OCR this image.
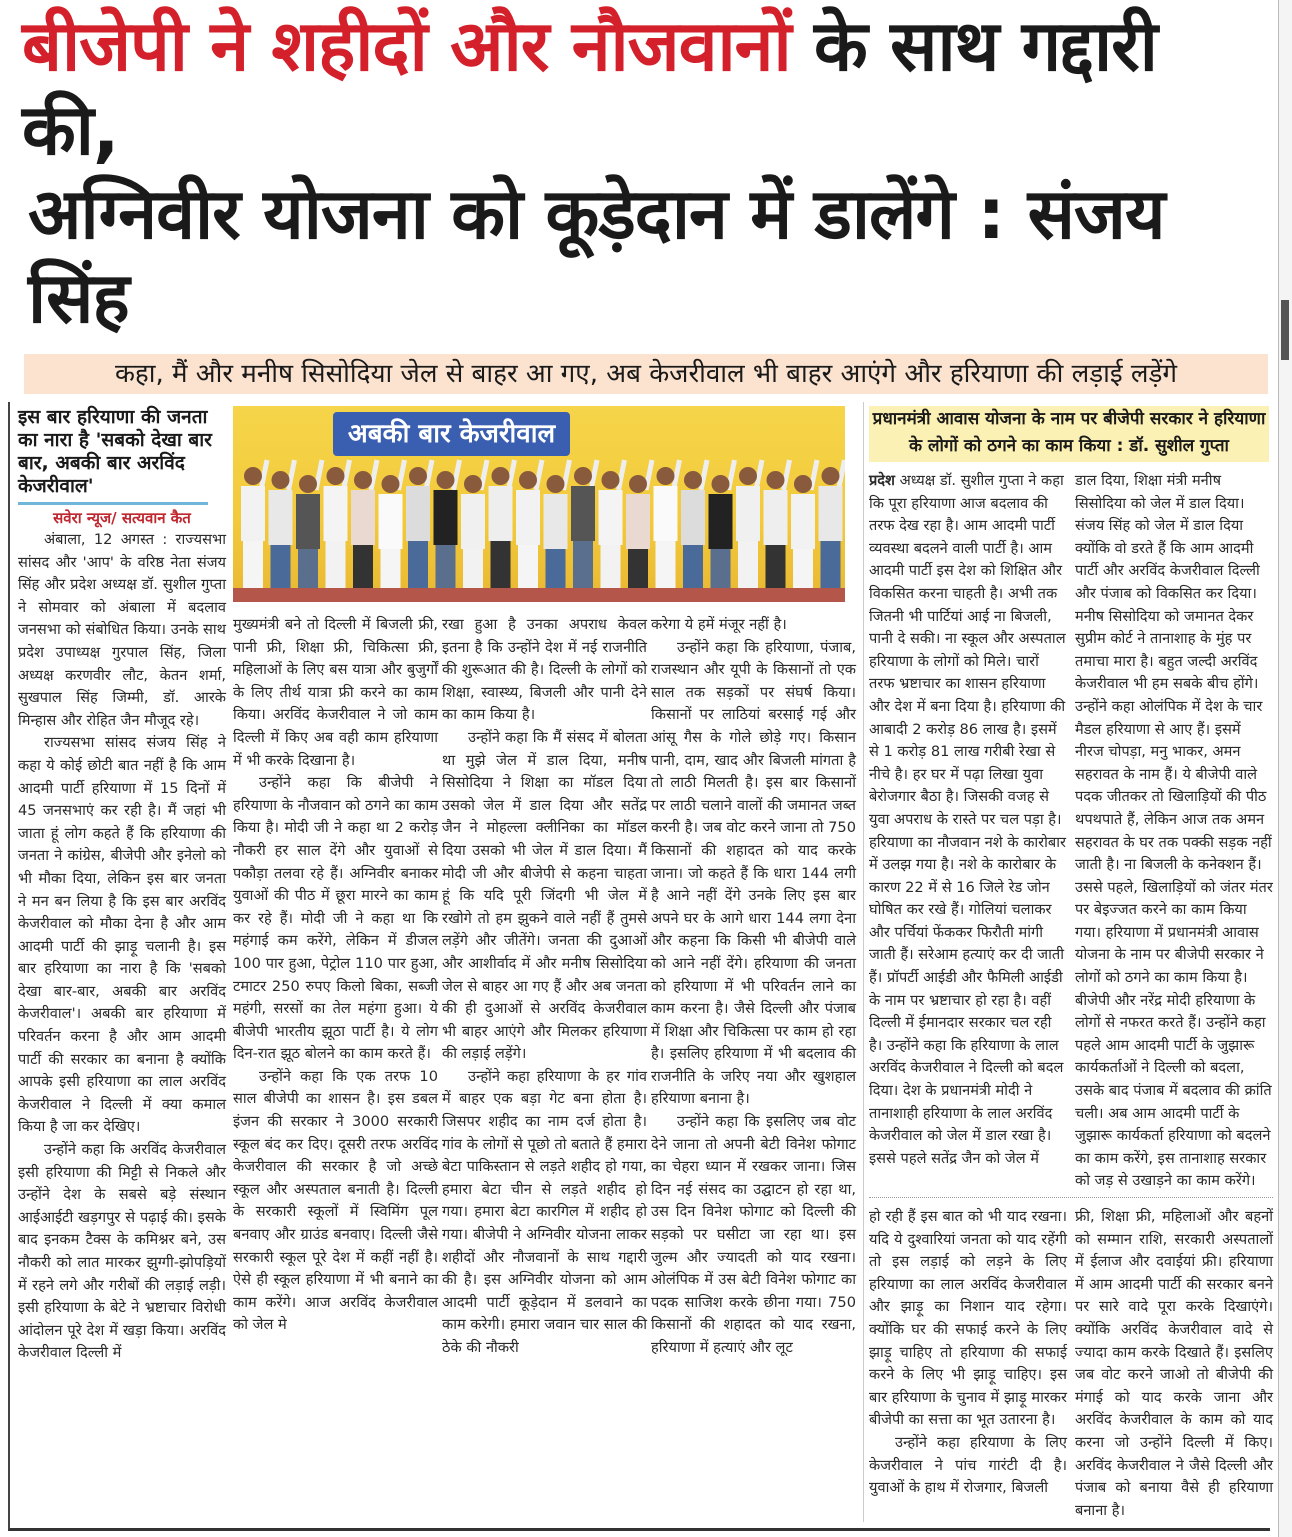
बीजेपी ने शहीदों और नौजवानों के साथ गद्दारी की,
अग्निवीर योजना को कूड़ेदान में डालेंगे : संजय सिंह
कहा, मैं और मनीष सिसोदिया जेल से बाहर आ गए, अब केजरीवाल भी बाहर आएंगे और हरियाणा की लड़ाई लड़ेंगे
इस बार हरियाणा की जनता का नारा है 'सबको देखा बार बार, अबकी बार अरविंद केजरीवाल'
सवेरा न्यूज/ सत्यवान कैत

अंबाला, 12 अगस्त : राज्यसभा सांसद और 'आप' के वरिष्ठ नेता संजय सिंह और प्रदेश अध्यक्ष डॉ. सुशील गुप्ता ने सोमवार को अंबाला में बदलाव जनसभा को संबोधित किया। उनके साथ प्रदेश उपाध्यक्ष गुरपाल सिंह, जिला अध्यक्ष करणवीर लौट, केतन शर्मा, सुखपाल सिंह जिम्मी, डॉ. आरके मिन्हास और रोहित जैन मौजूद रहे।

राज्यसभा सांसद संजय सिंह ने कहा ये कोई छोटी बात नहीं है कि आम आदमी पार्टी हरियाणा में 15 दिनों में 45 जनसभाएं कर रही है। मैं जहां भी जाता हूं लोग कहते हैं कि हरियाणा की जनता ने कांग्रेस, बीजेपी और इनेलो को भी मौका दिया, लेकिन इस बार जनता ने मन बन लिया है कि इस बार अरविंद केजरीवाल को मौका देना है और आम आदमी पार्टी की झाड़ू चलानी है। इस बार हरियाणा का नारा है कि 'सबको देखा बार-बार, अबकी बार अरविंद केजरीवाल'। अबकी बार हरियाणा में परिवर्तन करना है और आम आदमी पार्टी की सरकार का बनाना है क्योंकि आपके इसी हरियाणा का लाल अरविंद केजरीवाल ने दिल्ली में क्या कमाल किया है जा कर देखिए।

उन्होंने कहा कि अरविंद केजरीवाल इसी हरियाणा की मिट्टी से निकले और उन्होंने देश के सबसे बड़े संस्थान आईआईटी खड़गपुर से पढ़ाई की। इसके बाद इनकम टैक्स के कमिश्नर बने, उस नौकरी को लात मारकर झुग्गी-झोपड़ियों में रहने लगे और गरीबों की लड़ाई लड़ी। इसी हरियाणा के बेटे ने भ्रष्टाचार विरोधी आंदोलन पूरे देश में खड़ा किया। अरविंद केजरीवाल दिल्ली में

अबकी बार केजरीवाल

मुख्यमंत्री बने तो दिल्ली में बिजली फ्री, पानी फ्री, शिक्षा फ्री, चिकित्सा फ्री, महिलाओं के लिए बस यात्रा और बुजुर्गों के लिए तीर्थ यात्रा फ्री करने का काम किया। अरविंद केजरीवाल ने जो काम दिल्ली में किए अब वही काम हरियाणा में भी करके दिखाना है।

उन्होंने कहा कि बीजेपी ने हरियाणा के नौजवान को ठगने का काम किया है। मोदी जी ने कहा था 2 करोड़ नौकरी हर साल देंगे और युवाओं से पकौड़ा तलवा रहे हैं। अग्निवीर बनाकर युवाओं की पीठ में छूरा मारने का काम कर रहे हैं। मोदी जी ने कहा था कि महंगाई कम करेंगे, लेकिन में डीजल 100 पार हुआ, पेट्रोल 110 पार हुआ, टमाटर 250 रुपए किलो बिका, सब्जी महंगी, सरसों का तेल महंगा हुआ। ये बीजेपी भारतीय झूठा पार्टी है। ये लोग दिन-रात झूठ बोलने का काम करते हैं।

उन्होंने कहा कि एक तरफ 10 साल बीजेपी का शासन है। इस डबल इंजन की सरकार ने 3000 सरकारी स्कूल बंद कर दिए। दूसरी तरफ अरविंद केजरीवाल की सरकार है जो अच्छे स्कूल और अस्पताल बनाती है। दिल्ली के सरकारी स्कूलों में स्विमिंग पूल बनवाए और ग्राउंड बनवाए। दिल्ली जैसे सरकारी स्कूल पूरे देश में कहीं नहीं है। ऐसे ही स्कूल हरियाणा में भी बनाने का काम करेंगे। आज अरविंद केजरीवाल को जेल मे

रखा हुआ है उनका अपराध केवल इतना है कि उन्होंने देश में नई राजनीति की शुरूआत की है। दिल्ली के लोगों को शिक्षा, स्वास्थ्य, बिजली और पानी देने का काम किया है।

उन्होंने कहा कि मैं संसद में बोलता था मुझे जेल में डाल दिया, मनीष सिसोदिया ने शिक्षा का मॉडल दिया उसको जेल में डाल दिया और सतेंद्र जैन ने मोहल्ला क्लीनिका का मॉडल दिया उसको भी जेल में डाल दिया। मैं मोदी जी और बीजेपी से कहना चाहता हूं कि यदि पूरी जिंदगी भी जेल में रखोगे तो हम झुकने वाले नहीं हैं तुमसे लड़ेंगे और जीतेंगे। जनता की दुआओं और आशीर्वाद में और मनीष सिसोदिया जेल से बाहर आ गए हैं और अब जनता की ही दुआओं से अरविंद केजरीवाल भी बाहर आएंगे और मिलकर हरियाणा की लड़ाई लड़ेंगे।

उन्होंने कहा हरियाणा के हर गांव में बाहर एक बड़ा गेट बना होता है। जिसपर शहीद का नाम दर्ज होता है। गांव के लोगों से पूछो तो बताते हैं हमारा बेटा पाकिस्तान से लड़ते शहीद हो गया, हमारा बेटा चीन से लड़ते शहीद हो गया। हमारा बेटा कारगिल में शहीद हो गया। बीजेपी ने अग्निवीर योजना लाकर शहीदों और नौजवानों के साथ गद्दारी की है। इस अग्निवीर योजना को आम आदमी पार्टी कूड़ेदान में डलवाने का काम करेगी। हमारा जवान चार साल की ठेके की नौकरी

करेगा ये हमें मंजूर नहीं है।

उन्होंने कहा कि हरियाणा, पंजाब, राजस्थान और यूपी के किसानों तो एक साल तक सड़कों पर संघर्ष किया। किसानों पर लाठियां बरसाई गई और आंसू गैस के गोले छोड़े गए। किसान पानी, दाम, खाद और बिजली मांगता है तो लाठी मिलती है। इस बार किसानों पर लाठी चलाने वालों की जमानत जब्त करनी है। जब वोट करने जाना तो 750 किसानों की शहादत को याद करके जाना। जो कहते हैं कि धारा 144 लगी है आने नहीं देंगे उनके लिए इस बार अपने घर के आगे धारा 144 लगा देना और कहना कि किसी भी बीजेपी वाले को आने नहीं देंगे। हरियाणा की जनता को हरियाणा में भी परिवर्तन लाने का काम करना है। जैसे दिल्ली और पंजाब में शिक्षा और चिकित्सा पर काम हो रहा है। इसलिए हरियाणा में भी बदलाव की राजनीति के जरिए नया और खुशहाल हरियाणा बनाना है।

उन्होंने कहा कि इसलिए जब वोट देने जाना तो अपनी बेटी विनेश फोगाट का चेहरा ध्यान में रखकर जाना। जिस दिन नई संसद का उद्घाटन हो रहा था, उस दिन विनेश फोगाट को दिल्ली की सड़को पर घसीटा जा रहा था। इस जुल्म और ज्यादती को याद रखना। ओलंपिक में उस बेटी विनेश फोगाट का पदक साजिश करके छीना गया। 750 किसानों की शहादत को याद रखना, हरियाणा में हत्याएं और लूट

प्रधानमंत्री आवास योजना के नाम पर बीजेपी सरकार ने हरियाणा के लोगों को ठगने का काम किया : डॉ. सुशील गुप्ता

प्रदेश अध्यक्ष डॉ. सुशील गुप्ता ने कहा कि पूरा हरियाणा आज बदलाव की तरफ देख रहा है। आम आदमी पार्टी व्यवस्था बदलने वाली पार्टी है। आम आदमी पार्टी इस देश को शिक्षित और विकसित करना चाहती है। अभी तक जितनी भी पार्टियां आई ना बिजली, पानी दे सकी। ना स्कूल और अस्पताल हरियाणा के लोगों को मिले। चारों तरफ भ्रष्टाचार का शासन हरियाणा और देश में बना दिया है। हरियाणा की आबादी 2 करोड़ 86 लाख है। इसमें से 1 करोड़ 81 लाख गरीबी रेखा से नीचे है। हर घर में पढ़ा लिखा युवा बेरोजगार बैठा है। जिसकी वजह से युवा अपराध के रास्ते पर चल पड़ा है। हरियाणा का नौजवान नशे के कारोबार में उलझ गया है। नशे के कारोबार के कारण 22 में से 16 जिले रेड जोन घोषित कर रखे हैं। गोलियां चलाकर और पर्चियां फेंककर फिरौती मांगी जाती हैं। सरेआम हत्याएं कर दी जाती हैं। प्रॉपर्टी आईडी और फैमिली आईडी के नाम पर भ्रष्टाचार हो रहा है। वहीं दिल्ली में ईमानदार सरकार चल रही है। उन्होंने कहा कि हरियाणा के लाल अरविंद केजरीवाल ने दिल्ली को बदल दिया। देश के प्रधानमंत्री मोदी ने तानाशाही हरियाणा के लाल अरविंद केजरीवाल को जेल में डाल रखा है। इससे पहले सतेंद्र जैन को जेल में

डाल दिया, शिक्षा मंत्री मनीष सिसोदिया को जेल में डाल दिया। संजय सिंह को जेल में डाल दिया क्योंकि वो डरते हैं कि आम आदमी पार्टी और अरविंद केजरीवाल दिल्ली और पंजाब को विकसित कर दिया। मनीष सिसोदिया को जमानत देकर सुप्रीम कोर्ट ने तानाशाह के मुंह पर तमाचा मारा है। बहुत जल्दी अरविंद केजरीवाल भी हम सबके बीच होंगे। उन्होंने कहा ओलंपिक में देश के चार मैडल हरियाणा से आए हैं। इसमें नीरज चोपड़ा, मनु भाकर, अमन सहरावत के नाम हैं। ये बीजेपी वाले पदक जीतकर तो खिलाड़ियों की पीठ थपथपाते हैं, लेकिन आज तक अमन सहरावत के घर तक पक्की सड़क नहीं जाती है। ना बिजली के कनेक्शन हैं। उससे पहले, खिलाड़ियों को जंतर मंतर पर बेइज्जत करने का काम किया गया। हरियाणा में प्रधानमंत्री आवास योजना के नाम पर बीजेपी सरकार ने लोगों को ठगने का काम किया है। बीजेपी और नरेंद्र मोदी हरियाणा के लोगों से नफरत करते हैं। उन्होंने कहा पहले आम आदमी पार्टी के जुझारू कार्यकर्ताओं ने दिल्ली को बदला, उसके बाद पंजाब में बदलाव की क्रांति चली। अब आम आदमी पार्टी के जुझारू कार्यकर्ता हरियाणा को बदलने का काम करेंगे, इस तानाशाह सरकार को जड़ से उखाड़ने का काम करेंगे।

हो रही हैं इस बात को भी याद रखना। यदि ये दुश्वारियां जनता को याद रहेंगी तो इस लड़ाई को लड़ने के लिए हरियाणा का लाल अरविंद केजरीवाल और झाड़ू का निशान याद रहेगा। क्योंकि घर की सफाई करने के लिए झाड़ू चाहिए तो हरियाणा की सफाई करने के लिए भी झाड़ू चाहिए। इस बार हरियाणा के चुनाव में झाड़ू मारकर बीजेपी का सत्ता का भूत उतारना है।

उन्होंने कहा हरियाणा के लिए केजरीवाल ने पांच गारंटी दी है। युवाओं के हाथ में रोजगार, बिजली

फ्री, शिक्षा फ्री, महिलाओं और बहनों को सम्मान राशि, सरकारी अस्पतालों में ईलाज और दवाईयां फ्री। हरियाणा में आम आदमी पार्टी की सरकार बनने पर सारे वादे पूरा करके दिखाएंगे। क्योंकि अरविंद केजरीवाल वादे से ज्यादा काम करके दिखाते हैं। इसलिए जब वोट करने जाओ तो बीजेपी की मंगाई को याद करके जाना और अरविंद केजरीवाल के काम को याद करना जो उन्होंने दिल्ली में किए। अरविंद केजरीवाल ने जैसे दिल्ली और पंजाब को बनाया वैसे ही हरियाणा बनाना है।
